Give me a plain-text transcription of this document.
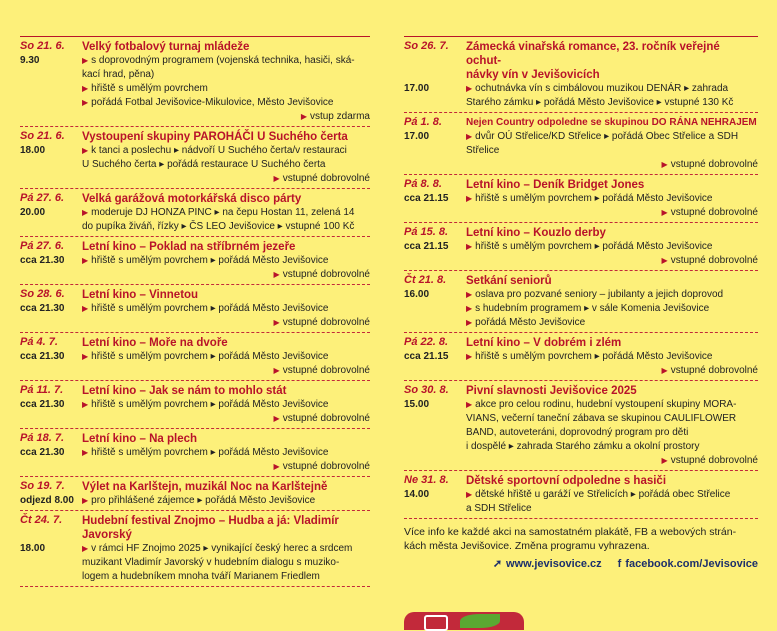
So 21. 6.	Velký fotbalový turnaj mládeže
9.30	▶ s doprovodným programem (vojenská technika, hasiči, ská-
kací hrad, pěna)
▶ hřiště s umělým povrchem
▶ pořádá Fotbal Jevišovice-Mikulovice, Město Jevišovice
▶ vstup zdarma
So 21. 6.	Vystoupení skupiny PAROHÁČI U Suchého čerta
18.00	▶ k tanci a poslechu ▸ nádvoří U Suchého čerta/v restauraci
U Suchého čerta ▸ pořádá restaurace U Suchého čerta
▶ vstupné dobrovolné
Pá 27. 6.	Velká garážová motorkářská disco párty
20.00	▶ moderuje DJ HONZA PINC ▸ na čepu Hostan 11, zelená 14
do pupíka živáň, řízky ▸ ČS LEO Jevišovice ▸ vstupné 100 Kč
Pá 27. 6.	Letní kino – Poklad na stříbrném jezeře
cca 21.30	▶ hřiště s umělým povrchem ▸ pořádá Město Jevišovice
▶ vstupné dobrovolné
So 28. 6.	Letní kino – Vinnetou
cca 21.30	▶ hřiště s umělým povrchem ▸ pořádá Město Jevišovice
▶ vstupné dobrovolné
Pá 4. 7.	Letní kino – Moře na dvoře
cca 21.30	▶ hřiště s umělým povrchem ▸ pořádá Město Jevišovice
▶ vstupné dobrovolné
Pá 11. 7.	Letní kino – Jak se nám to mohlo stát
cca 21.30	▶ hřiště s umělým povrchem ▸ pořádá Město Jevišovice
▶ vstupné dobrovolné
Pá 18. 7.	Letní kino – Na plech
cca 21.30	▶ hřiště s umělým povrchem ▸ pořádá Město Jevišovice
▶ vstupné dobrovolné
So 19. 7.	Výlet na Karlštejn, muzikál Noc na Karlštejně
odjezd 8.00	▶ pro přihlášené zájemce ▸ pořádá Město Jevišovice
Čt 24. 7.	Hudební festival Znojmo – Hudba a já: Vladimír Javorský
18.00	▶ v rámci HF Znojmo 2025 ▸ vynikající český herec a srdcem
muzikant Vladimír Javorský v hudebním dialogu s muziko-
logem a hudebníkem mnoha tváří Marianem Friedlem
So 26. 7.	Zámecká vinařská romance, 23. ročník veřejné ochut-
návky vín v Jevišovicích
17.00	▶ ochutnávka vín s cimbálovou muzikou DENÁR ▸ zahrada
Starého zámku ▸ pořádá Město Jevišovice ▸ vstupné 130 Kč
Pá 1. 8.	Nejen Country odpoledne se skupinou DO RÁNA NEHRAJEM
17.00	▶ dvůr OÚ Střelice/KD Střelice ▸ pořádá Obec Střelice a SDH
Střelice
▶ vstupné dobrovolné
Pá 8. 8.	Letní kino – Deník Bridget Jones
cca 21.15	▶ hřiště s umělým povrchem ▸ pořádá Město Jevišovice
▶ vstupné dobrovolné
Pá 15. 8.	Letní kino – Kouzlo derby
cca 21.15	▶ hřiště s umělým povrchem ▸ pořádá Město Jevišovice
▶ vstupné dobrovolné
Čt 21. 8.	Setkání seniorů
16.00	▶ oslava pro pozvané seniory – jubilanty a jejich doprovod
▶ s hudebním programem ▸ v sále Komenia Jevišovice
▶ pořádá Město Jevišovice
Pá 22. 8.	Letní kino – V dobrém i zlém
cca 21.15	▶ hřiště s umělým povrchem ▸ pořádá Město Jevišovice
▶ vstupné dobrovolné
So 30. 8.	Pivní slavnosti Jevišovice 2025
15.00	▶ akce pro celou rodinu, hudební vystoupení skupiny MORA-
VIANS, večerní taneční zábava se skupinou CAULIFLOWER
BAND, autoveteráni, doprovodný program pro děti
i dospělé ▸ zahrada Starého zámku a okolní prostory
▶ vstupné dobrovolné
Ne 31. 8.	Dětské sportovní odpoledne s hasiči
14.00	▶ dětské hřiště u garáží ve Střelicích ▸ pořádá obec Střelice
a SDH Střelice
Více info ke každé akci na samostatném plakátě, FB a webových strán-
kách města Jevišovice. Změna programu vyhrazena.
➚ www.jevisovice.cz f facebook.com/Jevisovice
